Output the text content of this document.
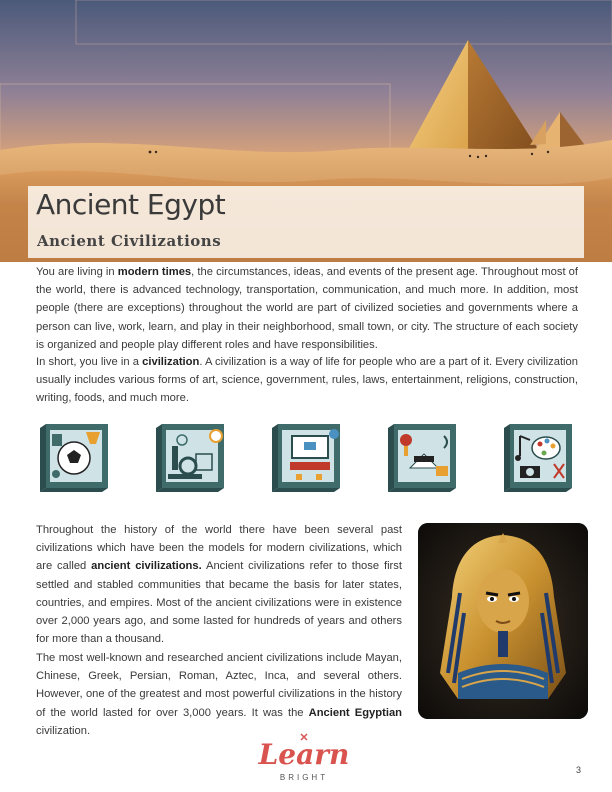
Ancient Egypt
Ancient Civilizations

You are living in modern times, the circumstances, ideas, and events of the present age. Throughout most of the world, there is advanced technology, transportation, communication, and much more. In addition, most people (there are exceptions) throughout the world are part of civilized societies and governments where a person can live, work, learn, and play in their neighborhood, small town, or city. The structure of each society is organized and people play different roles and have responsibilities.

In short, you live in a civilization. A civilization is a way of life for people who are a part of it. Every civilization usually includes various forms of art, science, government, rules, laws, entertainment, religions, construction, writing, foods, and much more.

Throughout the history of the world there have been several past civilizations which have been the models for modern civilizations, which are called ancient civilizations. Ancient civilizations refer to those first settled and stabled communities that became the basis for later states, countries, and empires. Most of the ancient civilizations were in existence over 2,000 years ago, and some lasted for hundreds of years and others for more than a thousand.

The most well-known and researched ancient civilizations include Mayan, Chinese, Greek, Persian, Roman, Aztec, Inca, and several others. However, one of the greatest and most powerful civilizations in the history of the world lasted for over 3,000 years. It was the Ancient Egyptian civilization.

Learn
BRIGHT
3
